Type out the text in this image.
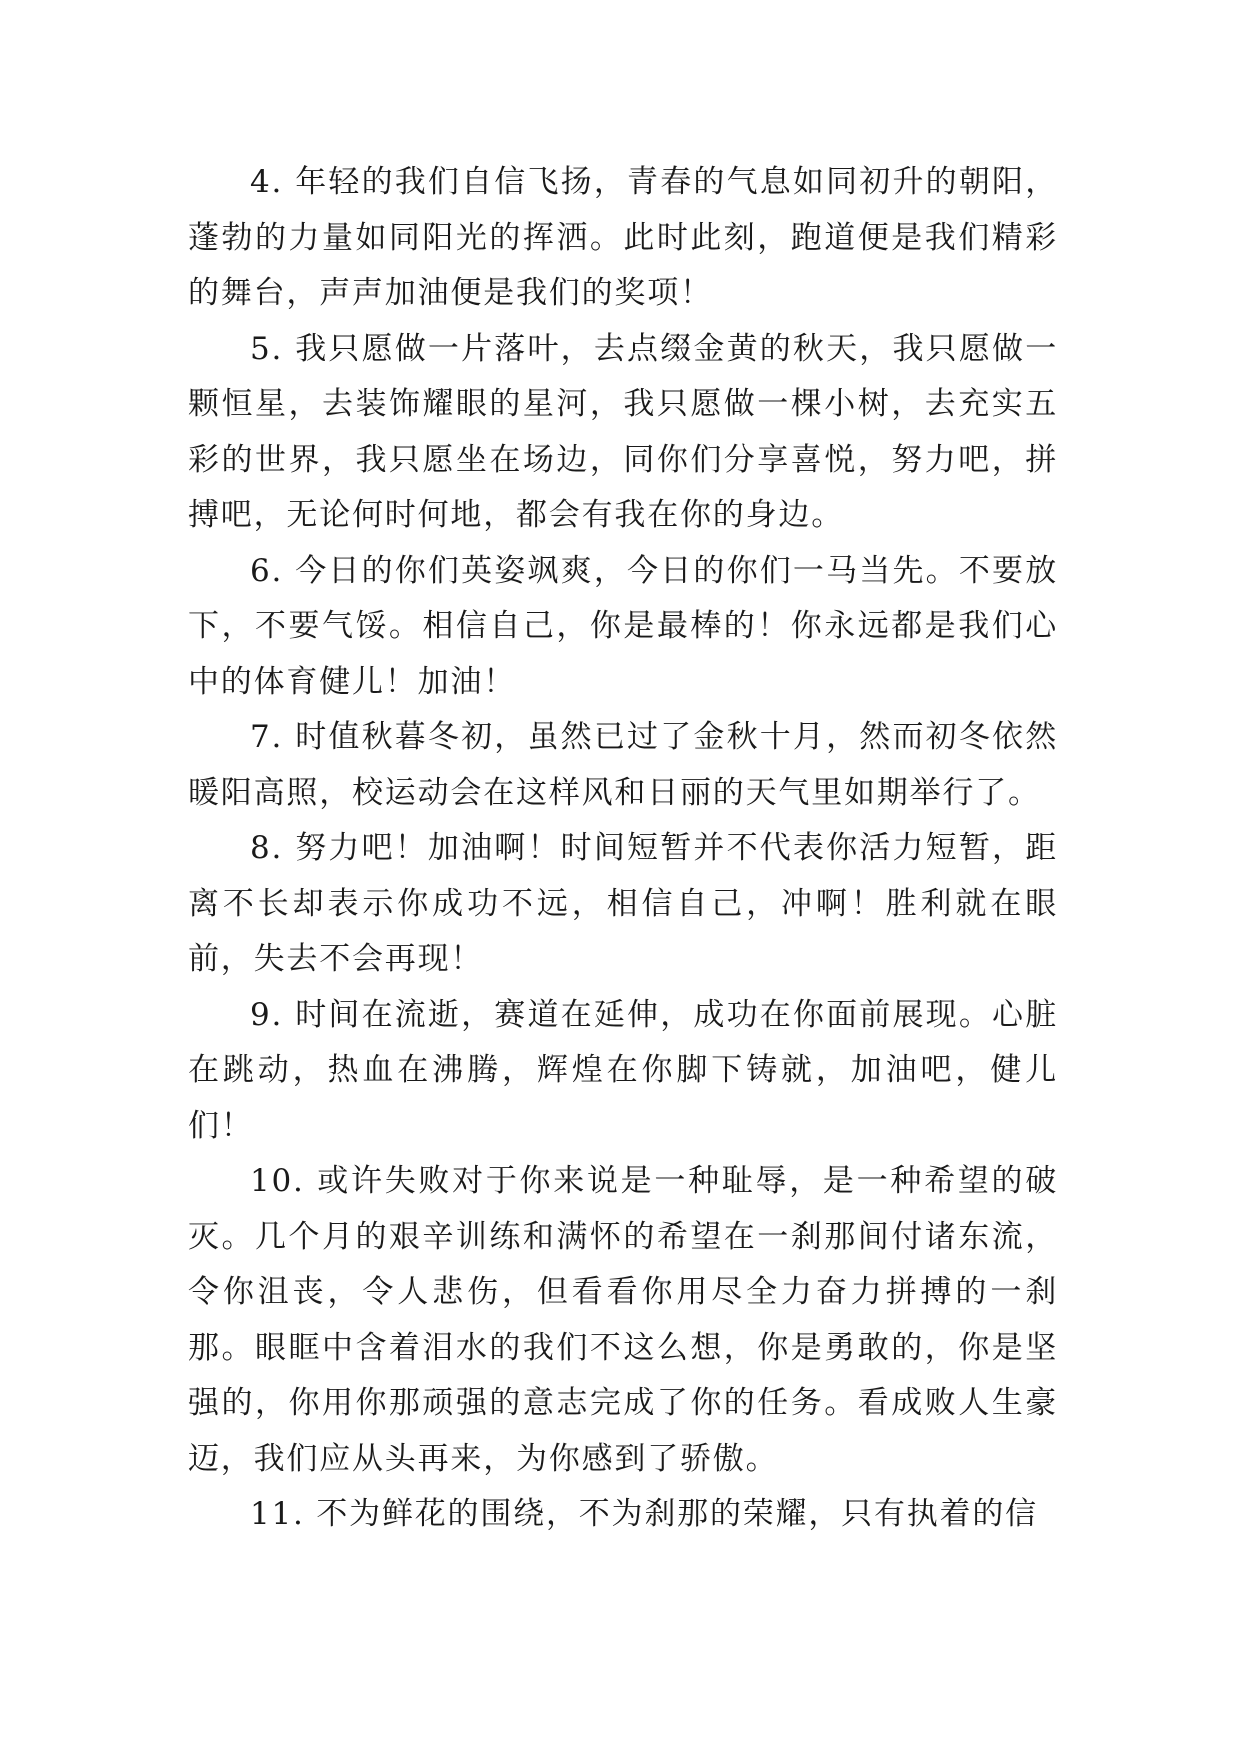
4. 年轻的我们自信飞扬，青春的气息如同初升的朝阳，蓬勃的力量如同阳光的挥洒。此时此刻，跑道便是我们精彩的舞台，声声加油便是我们的奖项！

5. 我只愿做一片落叶，去点缀金黄的秋天，我只愿做一颗恒星，去装饰耀眼的星河，我只愿做一棵小树，去充实五彩的世界，我只愿坐在场边，同你们分享喜悦，努力吧，拼搏吧，无论何时何地，都会有我在你的身边。

6. 今日的你们英姿飒爽，今日的你们一马当先。不要放下，不要气馁。相信自己，你是最棒的！你永远都是我们心中的体育健儿！加油！

7. 时值秋暮冬初，虽然已过了金秋十月，然而初冬依然暖阳高照，校运动会在这样风和日丽的天气里如期举行了。

8. 努力吧！加油啊！时间短暂并不代表你活力短暂，距离不长却表示你成功不远，相信自己，冲啊！胜利就在眼前，失去不会再现！

9. 时间在流逝，赛道在延伸，成功在你面前展现。心脏在跳动，热血在沸腾，辉煌在你脚下铸就，加油吧，健儿们！

10. 或许失败对于你来说是一种耻辱，是一种希望的破灭。几个月的艰辛训练和满怀的希望在一刹那间付诸东流，令你沮丧，令人悲伤，但看看你用尽全力奋力拼搏的一刹那。眼眶中含着泪水的我们不这么想，你是勇敢的，你是坚强的，你用你那顽强的意志完成了你的任务。看成败人生豪迈，我们应从头再来，为你感到了骄傲。

11. 不为鲜花的围绕，不为刹那的荣耀，只有执着的信
